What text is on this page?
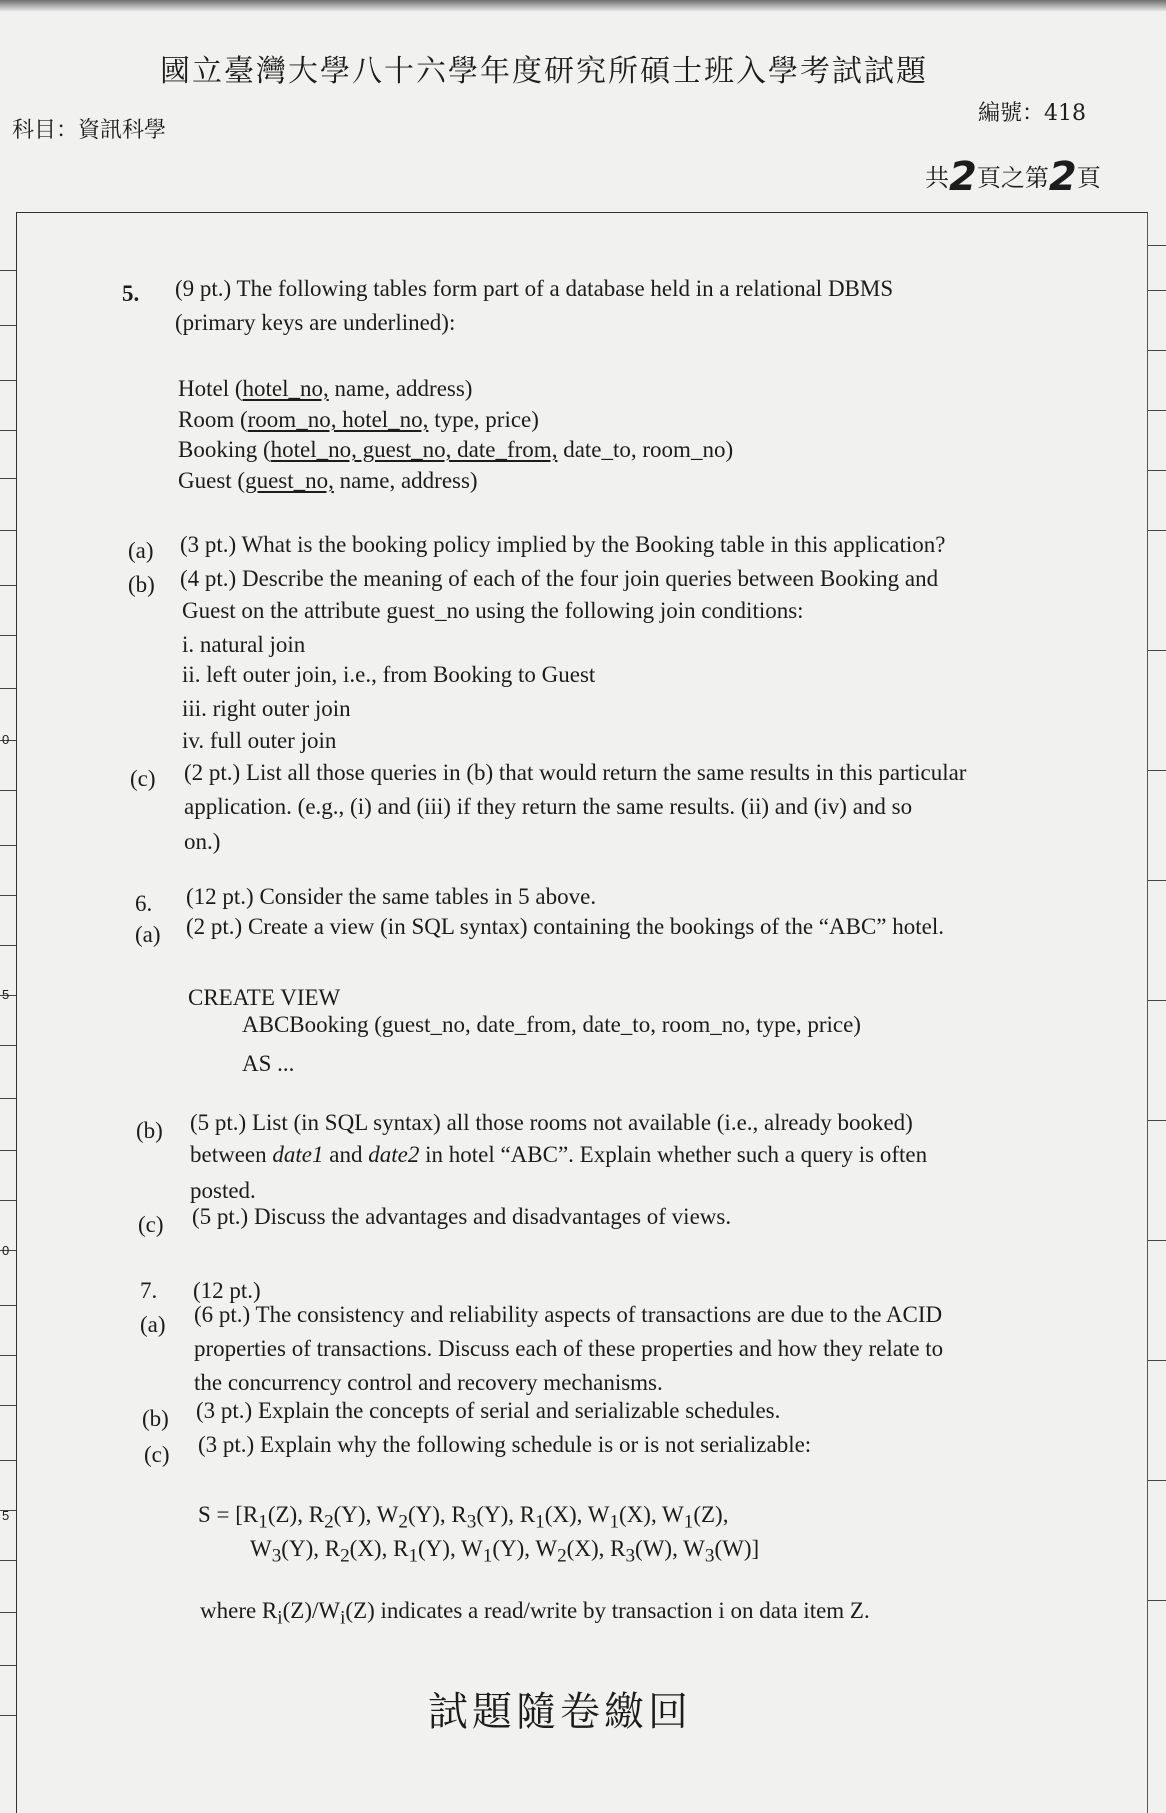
國立臺灣大學八十六學年度研究所碩士班入學考試試題
科目：資訊科學
編號：418
共2頁之第2頁
0
5
0
5
5. (9 pt.) The following tables form part of a database held in a relational DBMS
(primary keys are underlined):
Hotel (hotel_no, name, address)
Room (room_no, hotel_no, type, price)
Booking (hotel_no, guest_no, date_from, date_to, room_no)
Guest (guest_no, name, address)
(a) (3 pt.) What is the booking policy implied by the Booking table in this application?
(b) (4 pt.) Describe the meaning of each of the four join queries between Booking and
Guest on the attribute guest_no using the following join conditions:
i. natural join
ii. left outer join, i.e., from Booking to Guest
iii. right outer join
iv. full outer join
(c) (2 pt.) List all those queries in (b) that would return the same results in this particular
application. (e.g., (i) and (iii) if they return the same results. (ii) and (iv) and so
on.)
6. (12 pt.) Consider the same tables in 5 above.
(a) (2 pt.) Create a view (in SQL syntax) containing the bookings of the “ABC” hotel.
CREATE VIEW
ABCBooking (guest_no, date_from, date_to, room_no, type, price)
AS ...
(b) (5 pt.) List (in SQL syntax) all those rooms not available (i.e., already booked)
between date1 and date2 in hotel “ABC”. Explain whether such a query is often
posted.
(c) (5 pt.) Discuss the advantages and disadvantages of views.
7. (12 pt.)
(a) (6 pt.) The consistency and reliability aspects of transactions are due to the ACID
properties of transactions. Discuss each of these properties and how they relate to
the concurrency control and recovery mechanisms.
(b) (3 pt.) Explain the concepts of serial and serializable schedules.
(c) (3 pt.) Explain why the following schedule is or is not serializable:
$S = [R_1(Z)$, $R_2(Y)$, $W_2(Y)$, $R_3(Y)$, $R_1(X)$, $W_1(X)$, $W_1(Z)$,
$W_3(Y)$, $R_2(X)$, $R_1(Y)$, $W_1(Y)$, $W_2(X)$, $R_3(W)$, $W_3(W)$]
where $R_i(Z)/W_i(Z)$ indicates a read/write by transaction i on data item Z.
試題隨卷繳回
